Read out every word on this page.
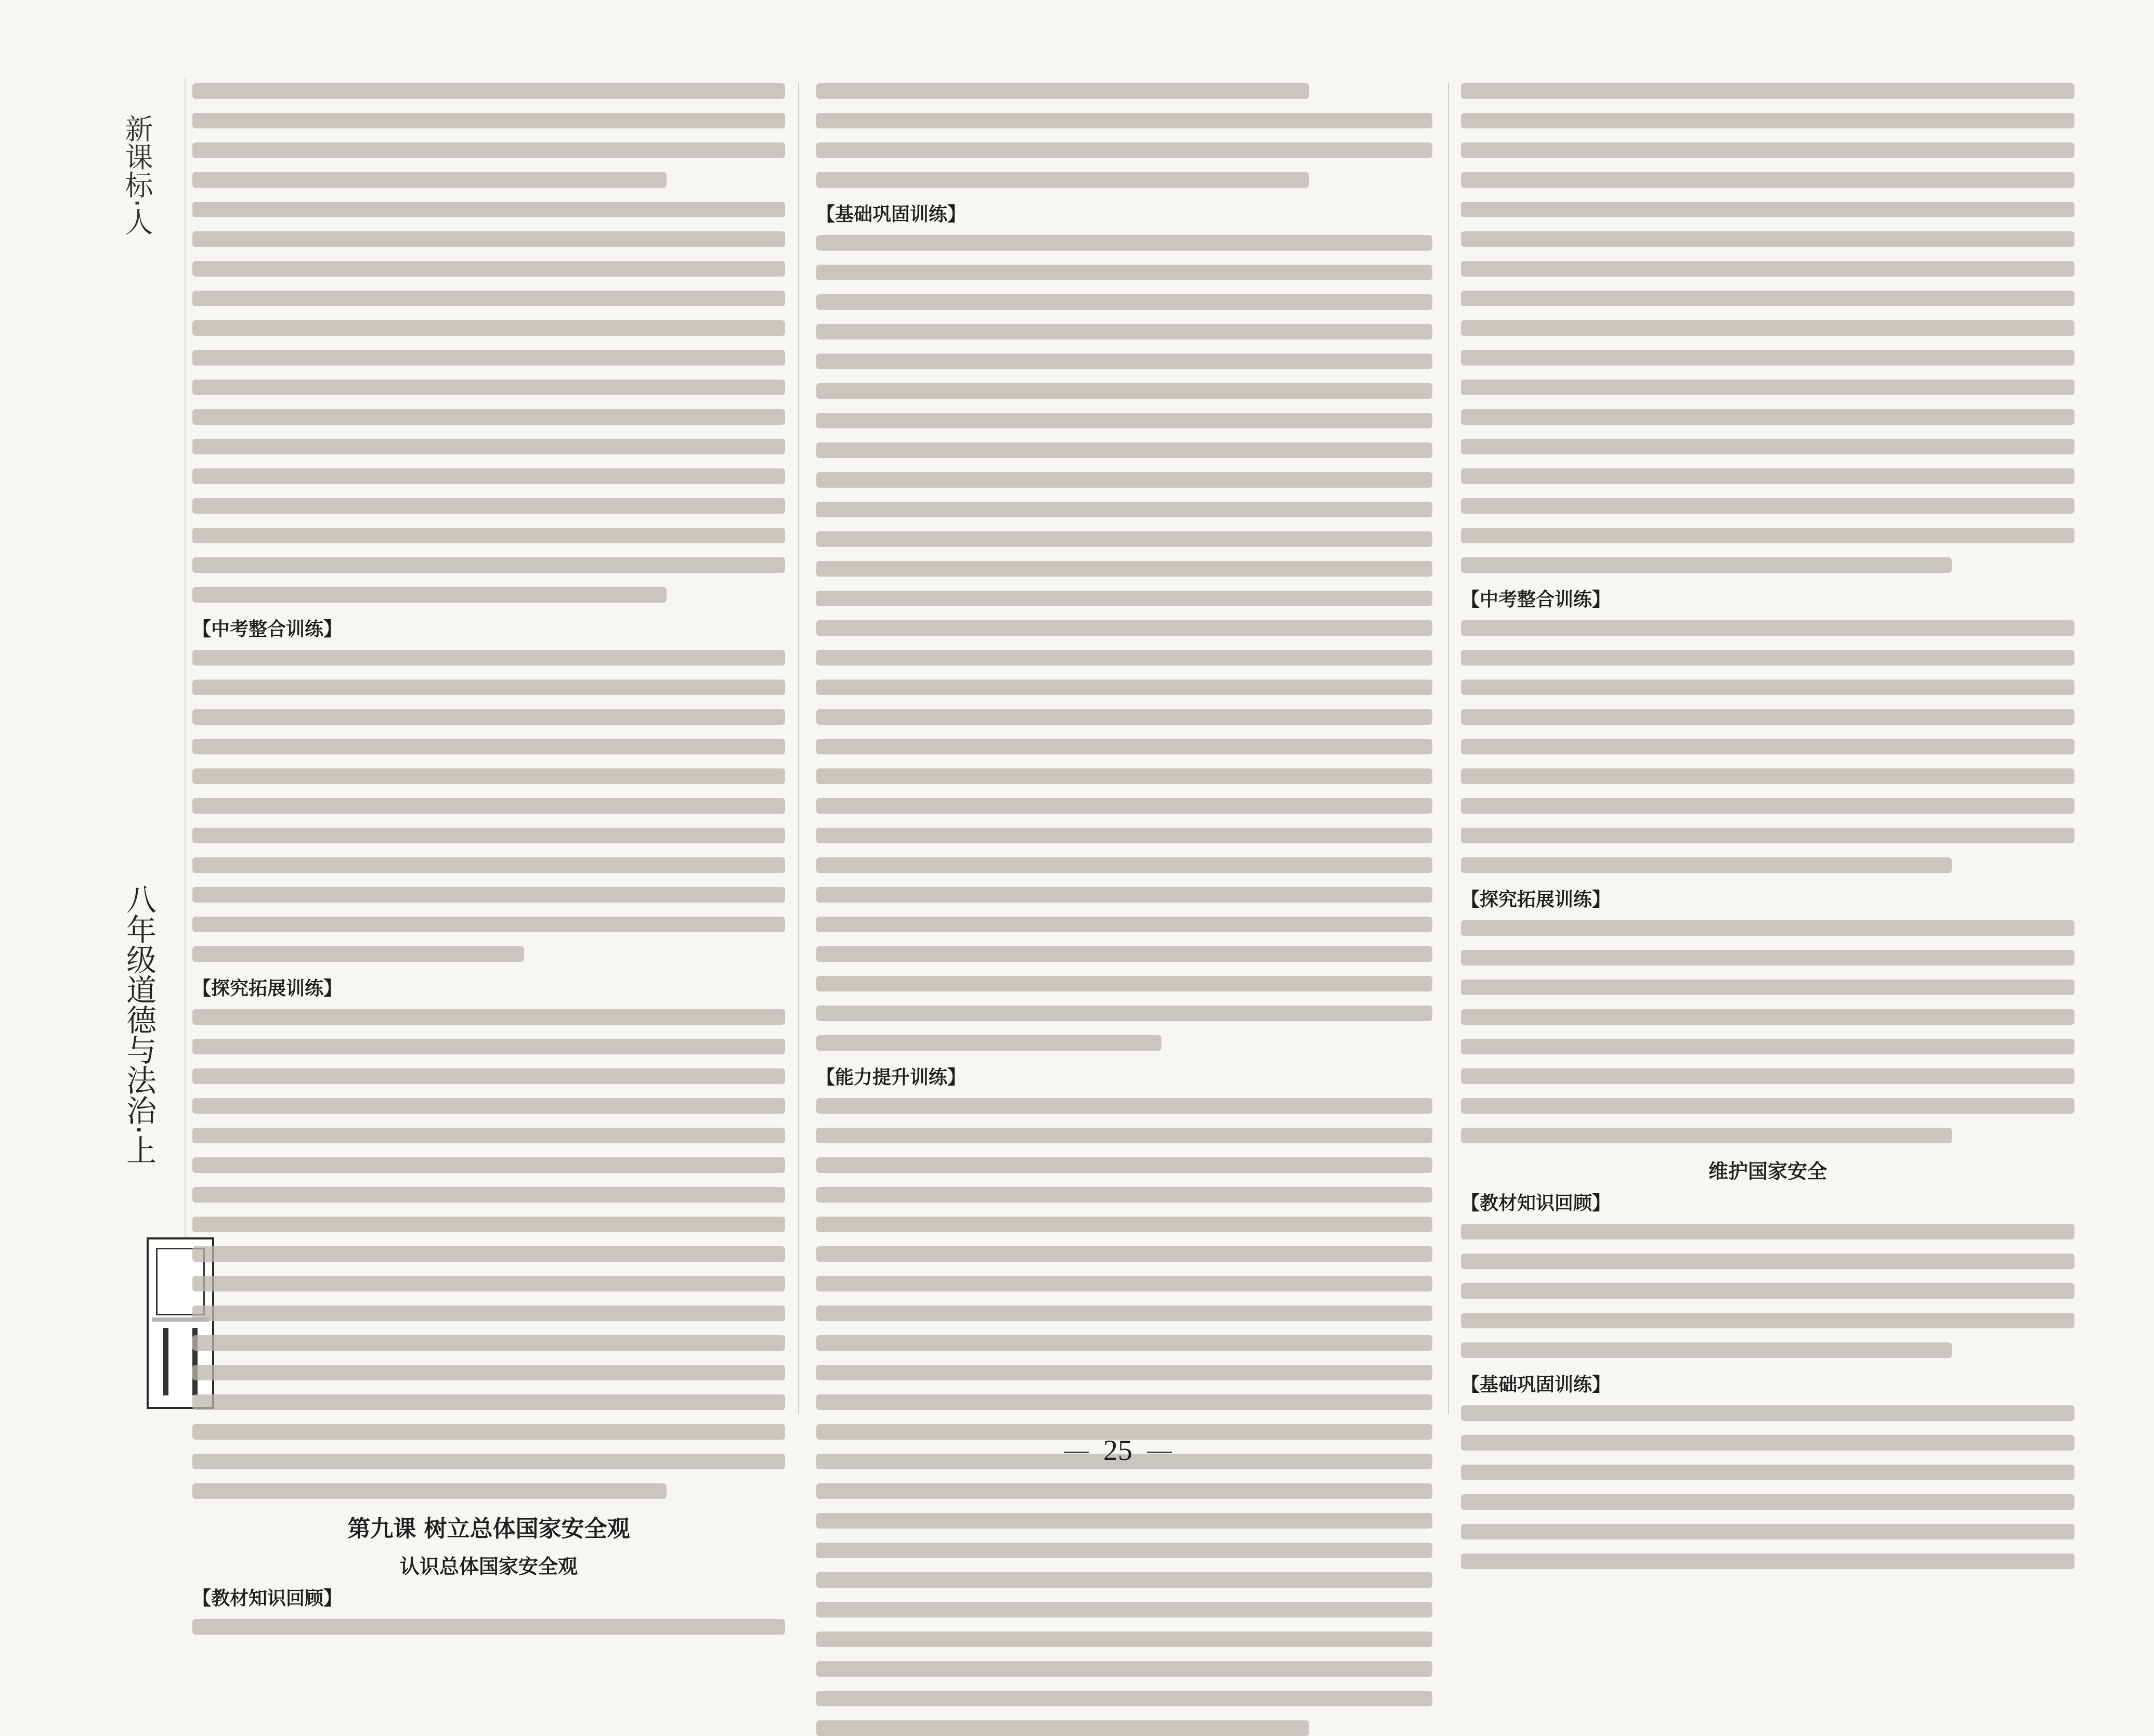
新课标·人
八年级道德与法治·上
【中考整合训练】
【探究拓展训练】
第九课 树立总体国家安全观
认识总体国家安全观
【教材知识回顾】
【基础巩固训练】
【能力提升训练】
【中考整合训练】
【探究拓展训练】
维护国家安全
【教材知识回顾】
【基础巩固训练】
25
